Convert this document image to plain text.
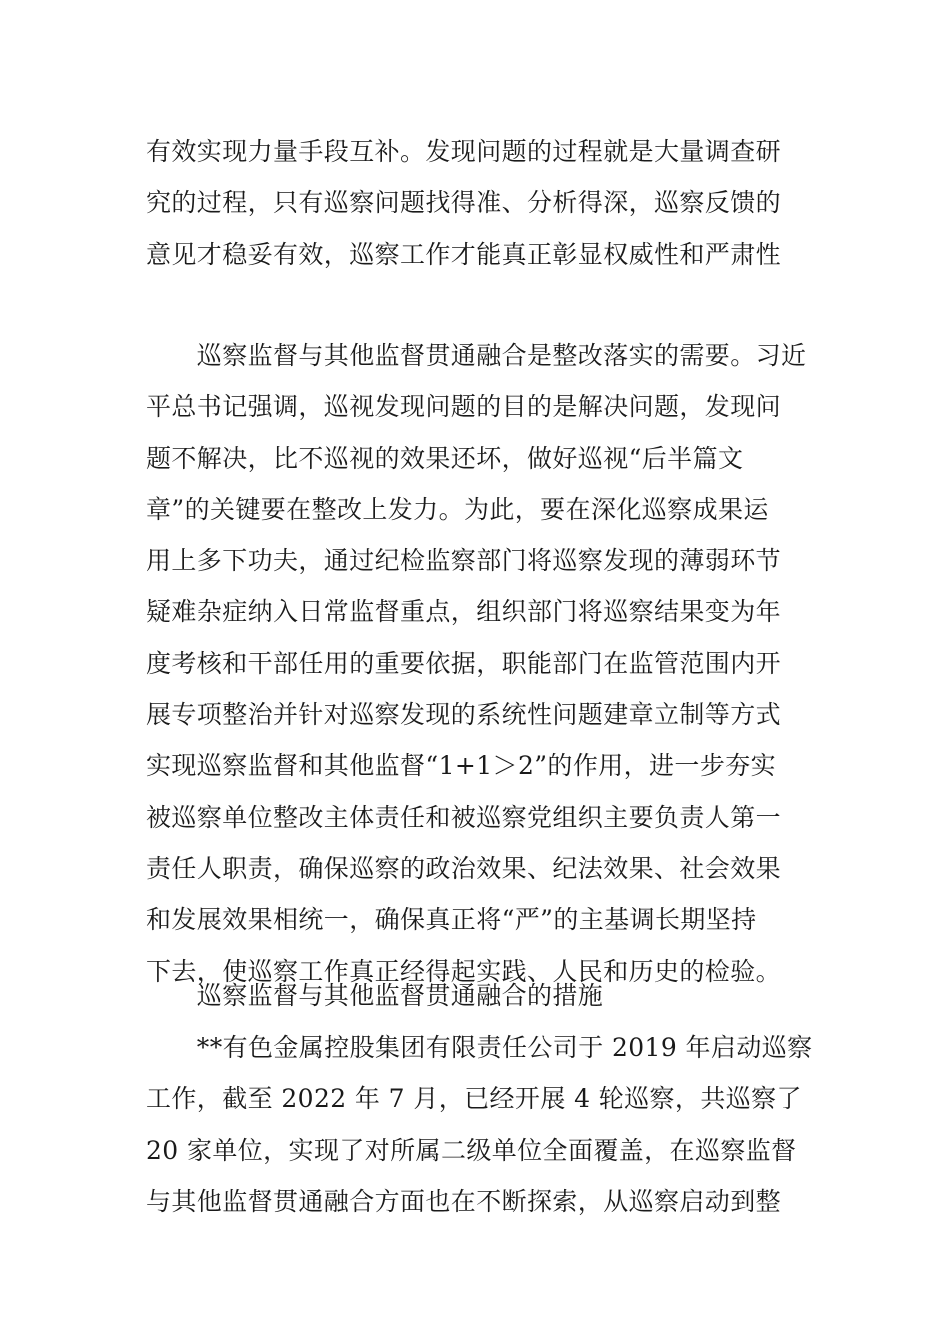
有效实现力量手段互补。发现问题的过程就是大量调查研

究的过程，只有巡察问题找得准、分析得深，巡察反馈的

意见才稳妥有效，巡察工作才能真正彰显权威性和严肃性

　　巡察监督与其他监督贯通融合是整改落实的需要。习近

平总书记强调，巡视发现问题的目的是解决问题，发现问

题不解决，比不巡视的效果还坏，做好巡视“后半篇文

章”的关键要在整改上发力。为此，要在深化巡察成果运

用上多下功夫，通过纪检监察部门将巡察发现的薄弱环节

疑难杂症纳入日常监督重点，组织部门将巡察结果变为年

度考核和干部任用的重要依据，职能部门在监管范围内开

展专项整治并针对巡察发现的系统性问题建章立制等方式

实现巡察监督和其他监督“1+1＞2”的作用，进一步夯实

被巡察单位整改主体责任和被巡察党组织主要负责人第一

责任人职责，确保巡察的政治效果、纪法效果、社会效果

和发展效果相统一，确保真正将“严”的主基调长期坚持

下去，使巡察工作真正经得起实践、人民和历史的检验。

　　巡察监督与其他监督贯通融合的措施

　　**有色金属控股集团有限责任公司于 2019 年启动巡察

工作，截至 2022 年 7 月，已经开展 4 轮巡察，共巡察了

20 家单位，实现了对所属二级单位全面覆盖，在巡察监督

与其他监督贯通融合方面也在不断探索，从巡察启动到整
